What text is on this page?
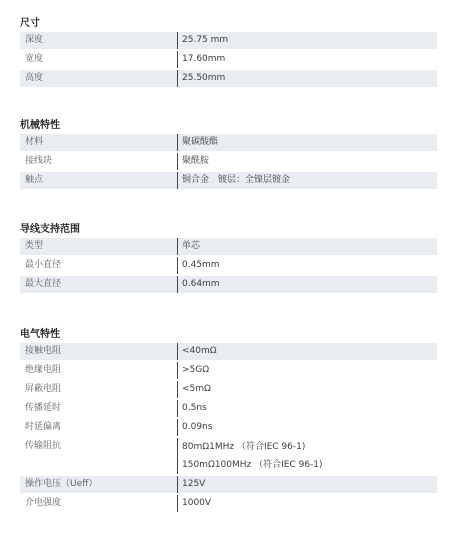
尺寸
深度	25.75 mm
宽度	17.60mm
高度	25.50mm
机械特性
材料	聚碳酸酯
接线块	聚酰胺
触点	铜合金　镀层：全镍层镀金
导线支持范围
类型	单芯
最小直径	0.45mm
最大直径	0.64mm
电气特性
接触电阻	<40mΩ
绝缘电阻	>5GΩ
屏蔽电阻	<5mΩ
传播延时	0.5ns
时延偏离	0.09ns
传输阻抗	80mΩ1MHz （符合IEC 96-1)
150mΩ100MHz （符合IEC 96-1)
操作电压（Ueff）	125V
介电强度	1000V
